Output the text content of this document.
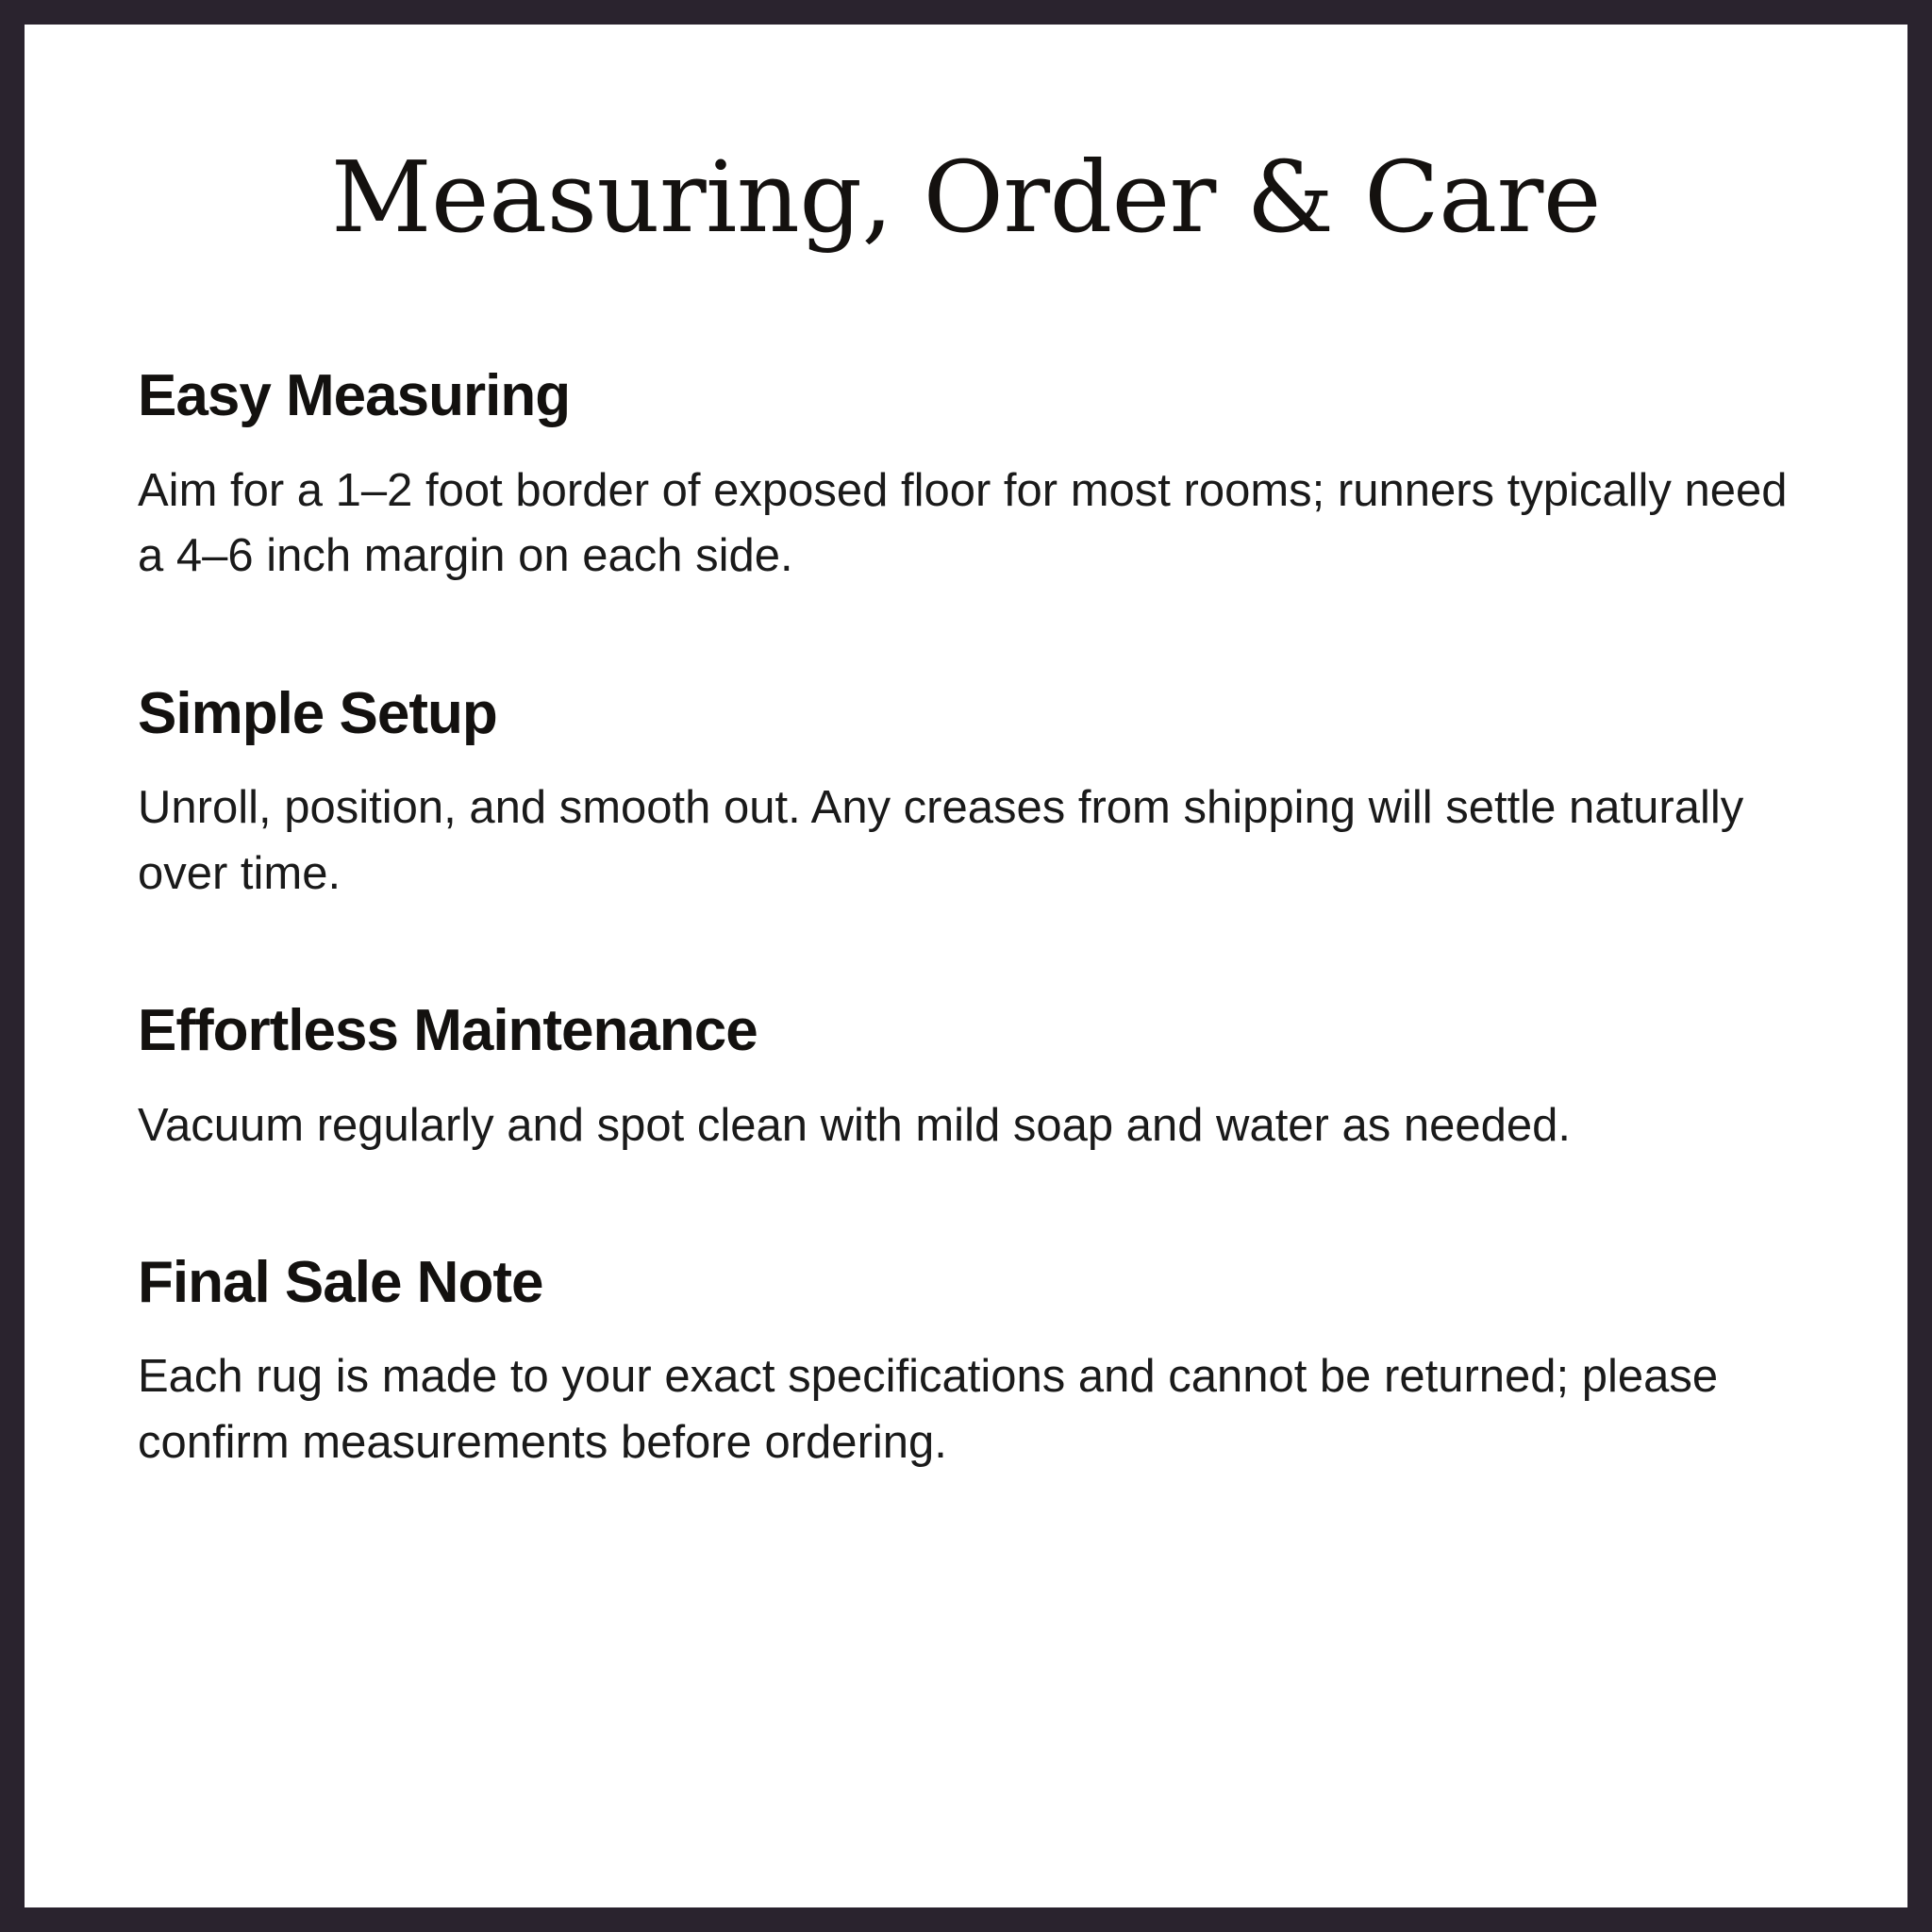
Measuring, Order & Care
Easy Measuring

Aim for a 1–2 foot border of exposed floor for most rooms; runners typically need a 4–6 inch margin on each side.

Simple Setup

Unroll, position, and smooth out. Any creases from shipping will settle naturally over time.

Effortless Maintenance

Vacuum regularly and spot clean with mild soap and water as needed.

Final Sale Note

Each rug is made to your exact specifications and cannot be returned; please confirm measurements before ordering.
